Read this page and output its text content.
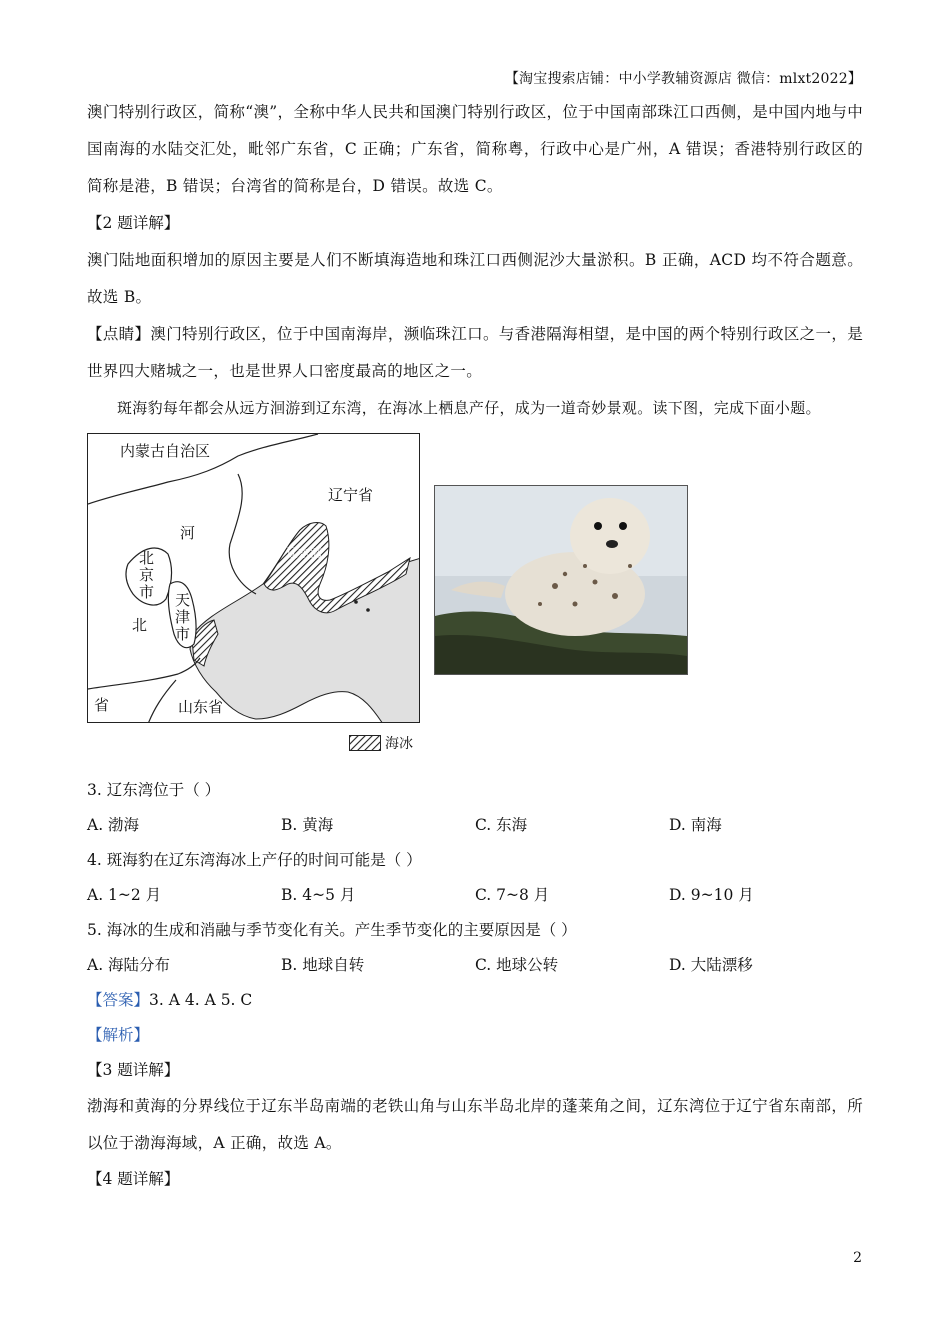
【淘宝搜索店铺：中小学教辅资源店 微信：mlxt2022】

澳门特别行政区，简称“澳”，全称中华人民共和国澳门特别行政区，位于中国南部珠江口西侧，是中国内地与中国南海的水陆交汇处，毗邻广东省，C 正确；广东省，简称粤，行政中心是广州，A 错误；香港特别行政区的简称是港，B 错误；台湾省的简称是台，D 错误。故选 C。

【2 题详解】

澳门陆地面积增加的原因主要是人们不断填海造地和珠江口西侧泥沙大量淤积。B 正确，ACD 均不符合题意。故选 B。

【点睛】澳门特别行政区，位于中国南海岸，濒临珠江口。与香港隔海相望，是中国的两个特别行政区之一，是世界四大赌城之一，也是世界人口密度最高的地区之一。

斑海豹每年都会从远方洄游到辽东湾，在海冰上栖息产仔，成为一道奇妙景观。读下图，完成下面小题。

内蒙古自治区
辽宁省
辽东湾
河
北
省
北京市
天津市
山东省
海冰

3. 辽东湾位于（ ）

A. 渤海	B. 黄海	C. 东海	D. 南海

4. 斑海豹在辽东湾海冰上产仔的时间可能是（ ）

A. 1~2 月	B. 4~5 月	C. 7~8 月	D. 9~10 月

5. 海冰的生成和消融与季节变化有关。产生季节变化的主要原因是（ ）

A. 海陆分布	B. 地球自转	C. 地球公转	D. 大陆漂移

【答案】3. A 4. A 5. C

【解析】

【3 题详解】

渤海和黄海的分界线位于辽东半岛南端的老铁山角与山东半岛北岸的蓬莱角之间，辽东湾位于辽宁省东南部，所以位于渤海海域，A 正确，故选 A。

【4 题详解】

2
